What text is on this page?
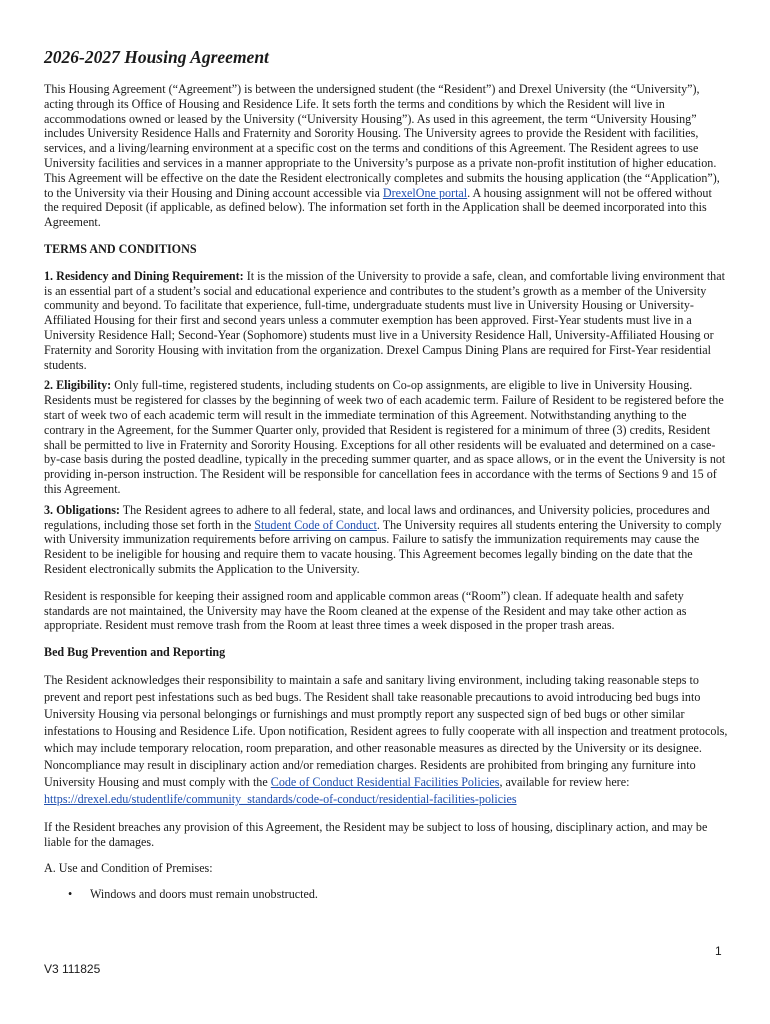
2026-2027 Housing Agreement

This Housing Agreement (“Agreement”) is between the undersigned student (the “Resident”) and Drexel University (the “University”), acting through its Office of Housing and Residence Life. It sets forth the terms and conditions by which the Resident will live in accommodations owned or leased by the University (“University Housing”). As used in this agreement, the term “University Housing” includes University Residence Halls and Fraternity and Sorority Housing. The University agrees to provide the Resident with facilities, services, and a living/learning environment at a specific cost on the terms and conditions of this Agreement. The Resident agrees to use University facilities and services in a manner appropriate to the University’s purpose as a private non-profit institution of higher education. This Agreement will be effective on the date the Resident electronically completes and submits the housing application (the “Application”), to the University via their Housing and Dining account accessible via DrexelOne portal. A housing assignment will not be offered without the required Deposit (if applicable, as defined below). The information set forth in the Application shall be deemed incorporated into this Agreement.

TERMS AND CONDITIONS

1. Residency and Dining Requirement: It is the mission of the University to provide a safe, clean, and comfortable living environment that is an essential part of a student’s social and educational experience and contributes to the student’s growth as a member of the University community and beyond. To facilitate that experience, full-time, undergraduate students must live in University Housing or University-Affiliated Housing for their first and second years unless a commuter exemption has been approved. First-Year students must live in a University Residence Hall; Second-Year (Sophomore) students must live in a University Residence Hall, University-Affiliated Housing or Fraternity and Sorority Housing with invitation from the organization. Drexel Campus Dining Plans are required for First-Year residential students.

2. Eligibility: Only full-time, registered students, including students on Co-op assignments, are eligible to live in University Housing. Residents must be registered for classes by the beginning of week two of each academic term. Failure of Resident to be registered before the start of week two of each academic term will result in the immediate termination of this Agreement. Notwithstanding anything to the contrary in the Agreement, for the Summer Quarter only, provided that Resident is registered for a minimum of three (3) credits, Resident shall be permitted to live in Fraternity and Sorority Housing. Exceptions for all other residents will be evaluated and determined on a case-by-case basis during the posted deadline, typically in the preceding summer quarter, and as space allows, or in the event the University is not providing in-person instruction. The Resident will be responsible for cancellation fees in accordance with the terms of Sections 9 and 15 of this Agreement.

3. Obligations: The Resident agrees to adhere to all federal, state, and local laws and ordinances, and University policies, procedures and regulations, including those set forth in the Student Code of Conduct. The University requires all students entering the University to comply with University immunization requirements before arriving on campus. Failure to satisfy the immunization requirements may cause the Resident to be ineligible for housing and require them to vacate housing. This Agreement becomes legally binding on the date that the Resident electronically submits the Application to the University.

Resident is responsible for keeping their assigned room and applicable common areas (“Room”) clean. If adequate health and safety standards are not maintained, the University may have the Room cleaned at the expense of the Resident and may take other action as appropriate. Resident must remove trash from the Room at least three times a week disposed in the proper trash areas.

Bed Bug Prevention and Reporting

The Resident acknowledges their responsibility to maintain a safe and sanitary living environment, including taking reasonable steps to prevent and report pest infestations such as bed bugs. The Resident shall take reasonable precautions to avoid introducing bed bugs into University Housing via personal belongings or furnishings and must promptly report any suspected sign of bed bugs or other similar infestations to Housing and Residence Life. Upon notification, Resident agrees to fully cooperate with all inspection and treatment protocols, which may include temporary relocation, room preparation, and other reasonable measures as directed by the University or its designee. Noncompliance may result in disciplinary action and/or remediation charges. Residents are prohibited from bringing any furniture into University Housing and must comply with the Code of Conduct Residential Facilities Policies, available for review here: https://drexel.edu/studentlife/community_standards/code-of-conduct/residential-facilities-policies

If the Resident breaches any provision of this Agreement, the Resident may be subject to loss of housing, disciplinary action, and may be liable for the damages.

A. Use and Condition of Premises:

• Windows and doors must remain unobstructed.
1
V3 111825
